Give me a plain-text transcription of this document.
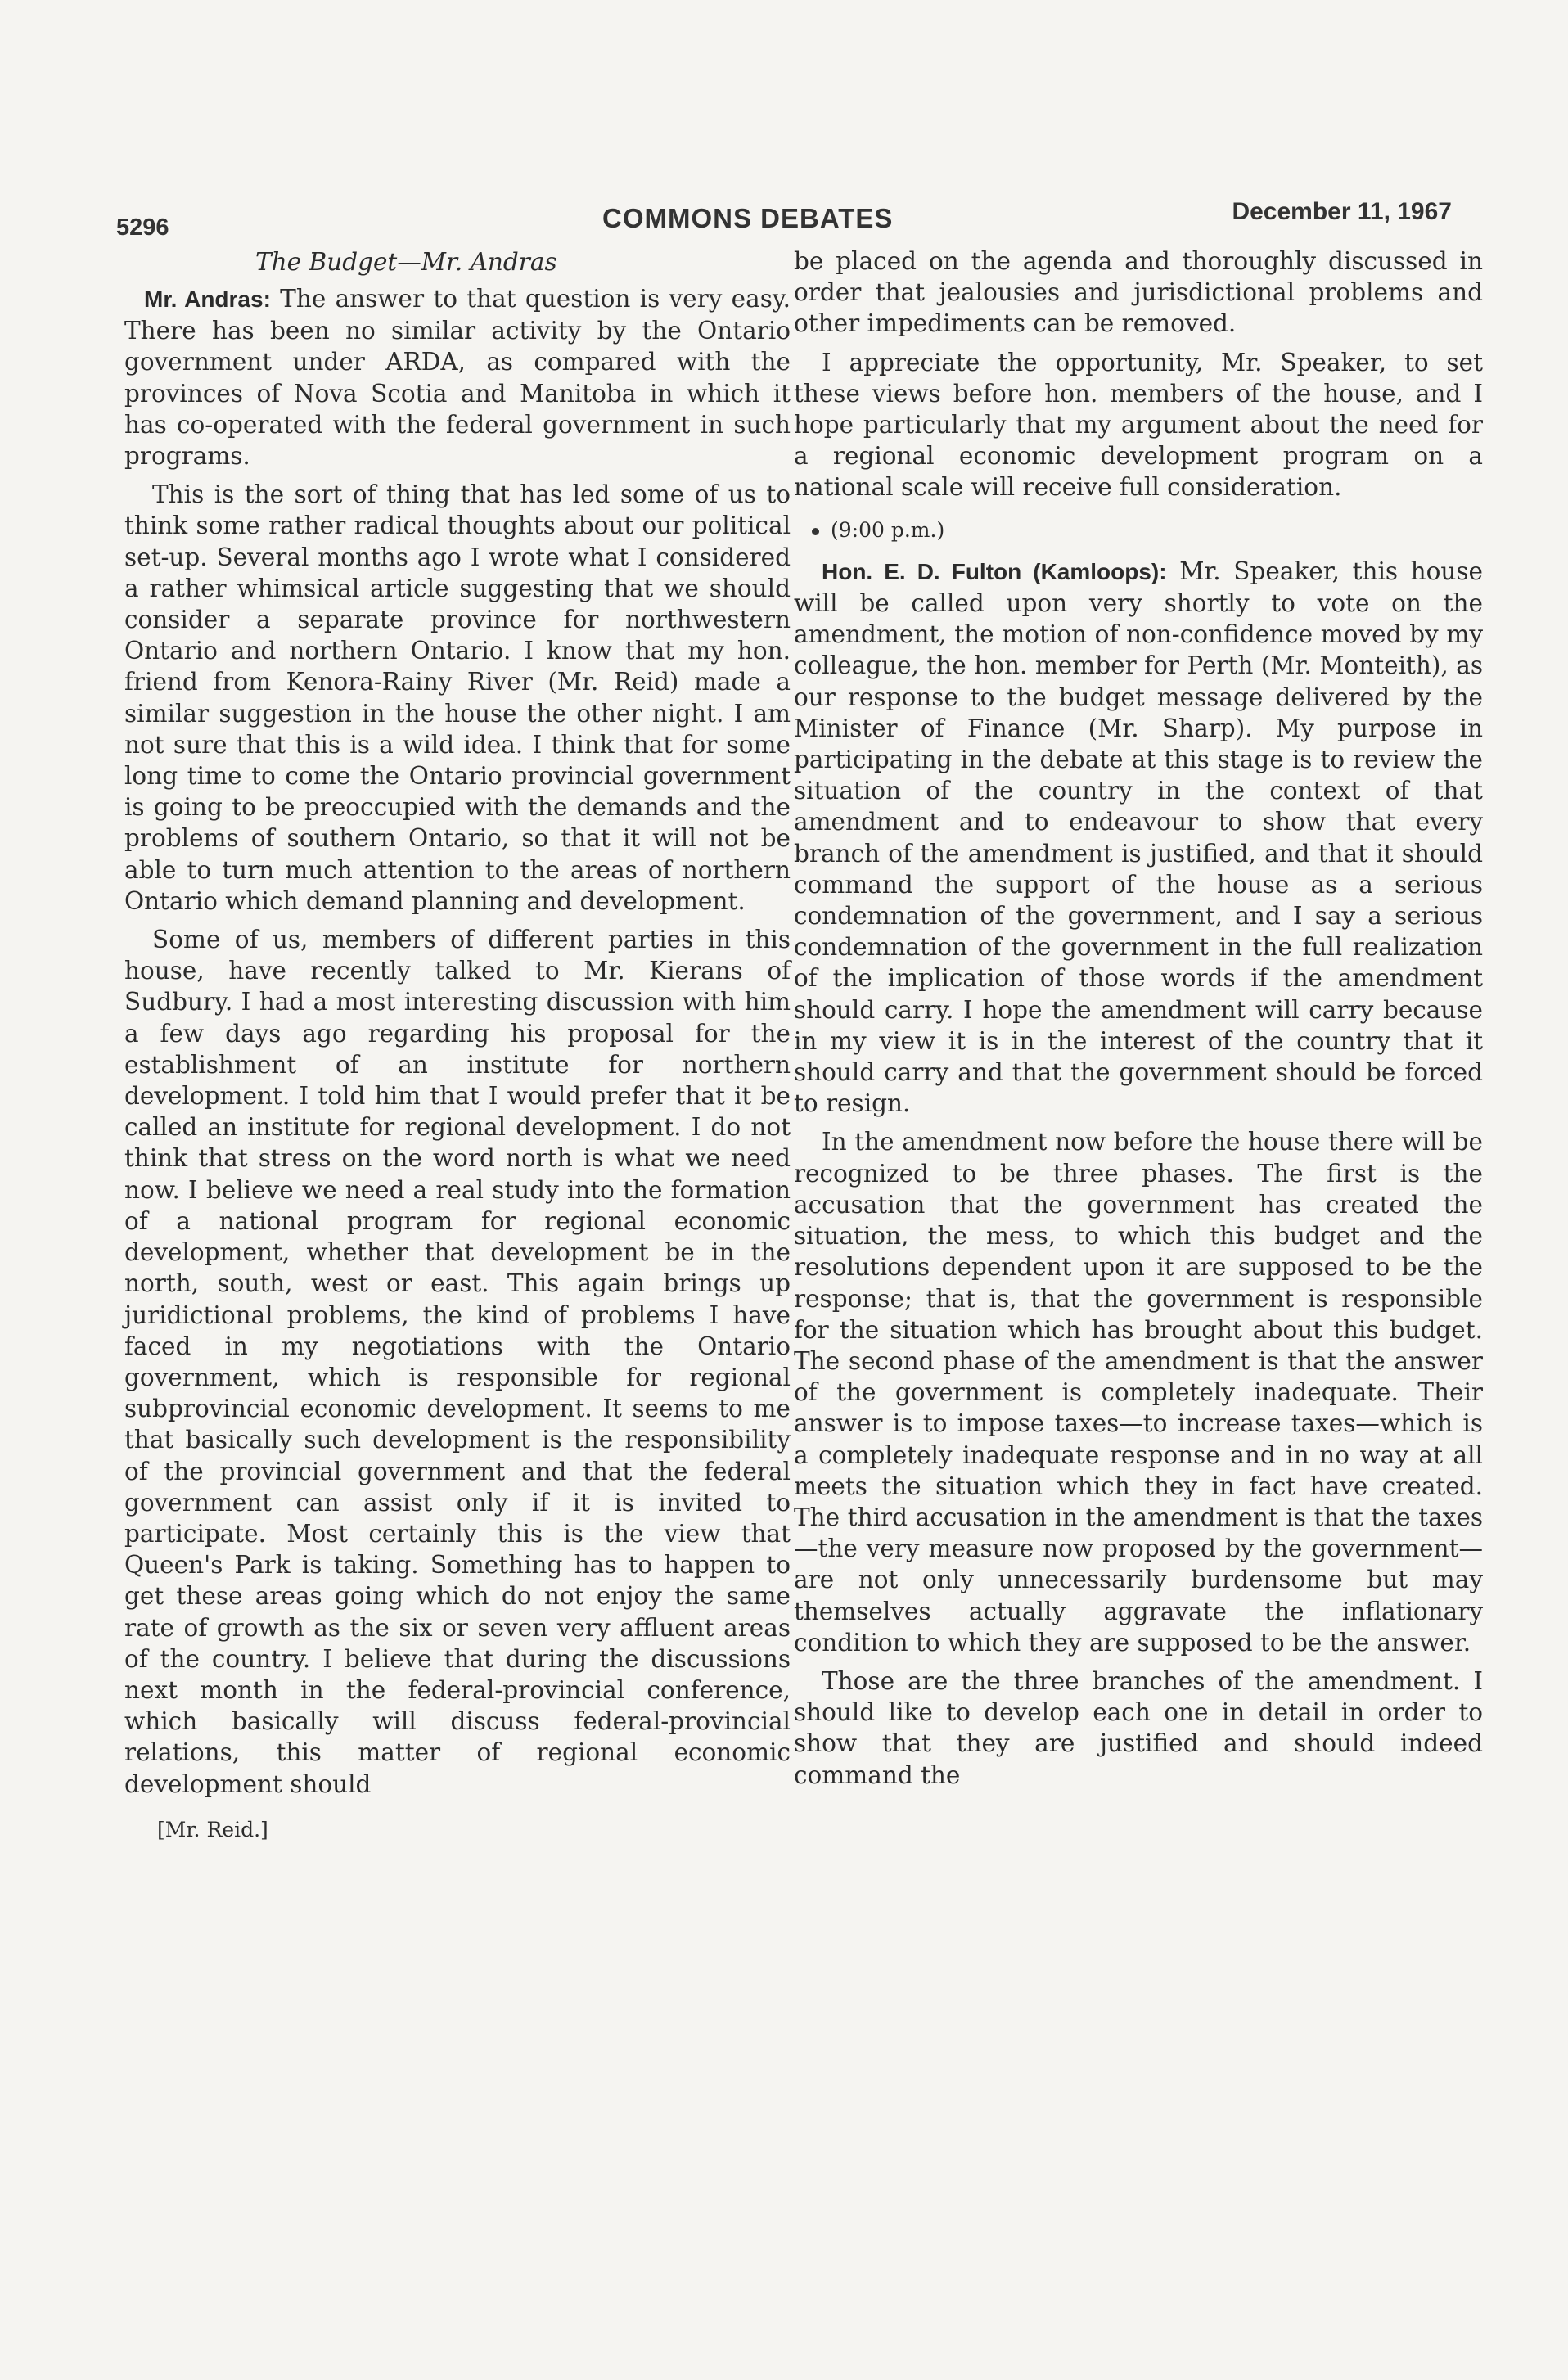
5296	COMMONS DEBATES	December 11, 1967
The Budget—Mr. Andras

Mr. Andras: The answer to that question is very easy. There has been no similar activity by the Ontario government under ARDA, as compared with the provinces of Nova Scotia and Manitoba in which it has co-operated with the federal government in such programs.

This is the sort of thing that has led some of us to think some rather radical thoughts about our political set-up. Several months ago I wrote what I considered a rather whimsical article suggesting that we should consider a separate province for northwestern Ontario and northern Ontario. I know that my hon. friend from Kenora-Rainy River (Mr. Reid) made a similar suggestion in the house the other night. I am not sure that this is a wild idea. I think that for some long time to come the Ontario provincial government is going to be preoccupied with the demands and the problems of southern Ontario, so that it will not be able to turn much attention to the areas of northern Ontario which demand planning and development.

Some of us, members of different parties in this house, have recently talked to Mr. Kierans of Sudbury. I had a most interesting discussion with him a few days ago regarding his proposal for the establishment of an institute for northern development. I told him that I would prefer that it be called an institute for regional development. I do not think that stress on the word north is what we need now. I believe we need a real study into the formation of a national program for regional economic development, whether that development be in the north, south, west or east. This again brings up juridictional problems, the kind of problems I have faced in my negotiations with the Ontario government, which is responsible for regional subprovincial economic development. It seems to me that basically such development is the responsibility of the provincial government and that the federal government can assist only if it is invited to participate. Most certainly this is the view that Queen's Park is taking. Something has to happen to get these areas going which do not enjoy the same rate of growth as the six or seven very affluent areas of the country. I believe that during the discussions next month in the federal-provincial conference, which basically will discuss federal-provincial relations, this matter of regional economic development should

[Mr. Reid.]

be placed on the agenda and thoroughly discussed in order that jealousies and jurisdictional problems and other impediments can be removed.

I appreciate the opportunity, Mr. Speaker, to set these views before hon. members of the house, and I hope particularly that my argument about the need for a regional economic development program on a national scale will receive full consideration.

(9:00 p.m.)

Hon. E. D. Fulton (Kamloops): Mr. Speaker, this house will be called upon very shortly to vote on the amendment, the motion of non-confidence moved by my colleague, the hon. member for Perth (Mr. Monteith), as our response to the budget message delivered by the Minister of Finance (Mr. Sharp). My purpose in participating in the debate at this stage is to review the situation of the country in the context of that amendment and to endeavour to show that every branch of the amendment is justified, and that it should command the support of the house as a serious condemnation of the government, and I say a serious condemnation of the government in the full realization of the implication of those words if the amendment should carry. I hope the amendment will carry because in my view it is in the interest of the country that it should carry and that the government should be forced to resign.

In the amendment now before the house there will be recognized to be three phases. The first is the accusation that the government has created the situation, the mess, to which this budget and the resolutions dependent upon it are supposed to be the response; that is, that the government is responsible for the situation which has brought about this budget. The second phase of the amendment is that the answer of the government is completely inadequate. Their answer is to impose taxes—to increase taxes—which is a completely inadequate response and in no way at all meets the situation which they in fact have created. The third accusation in the amendment is that the taxes—the very measure now proposed by the government—are not only unnecessarily burdensome but may themselves actually aggravate the inflationary condition to which they are supposed to be the answer.

Those are the three branches of the amendment. I should like to develop each one in detail in order to show that they are justified and should indeed command the
